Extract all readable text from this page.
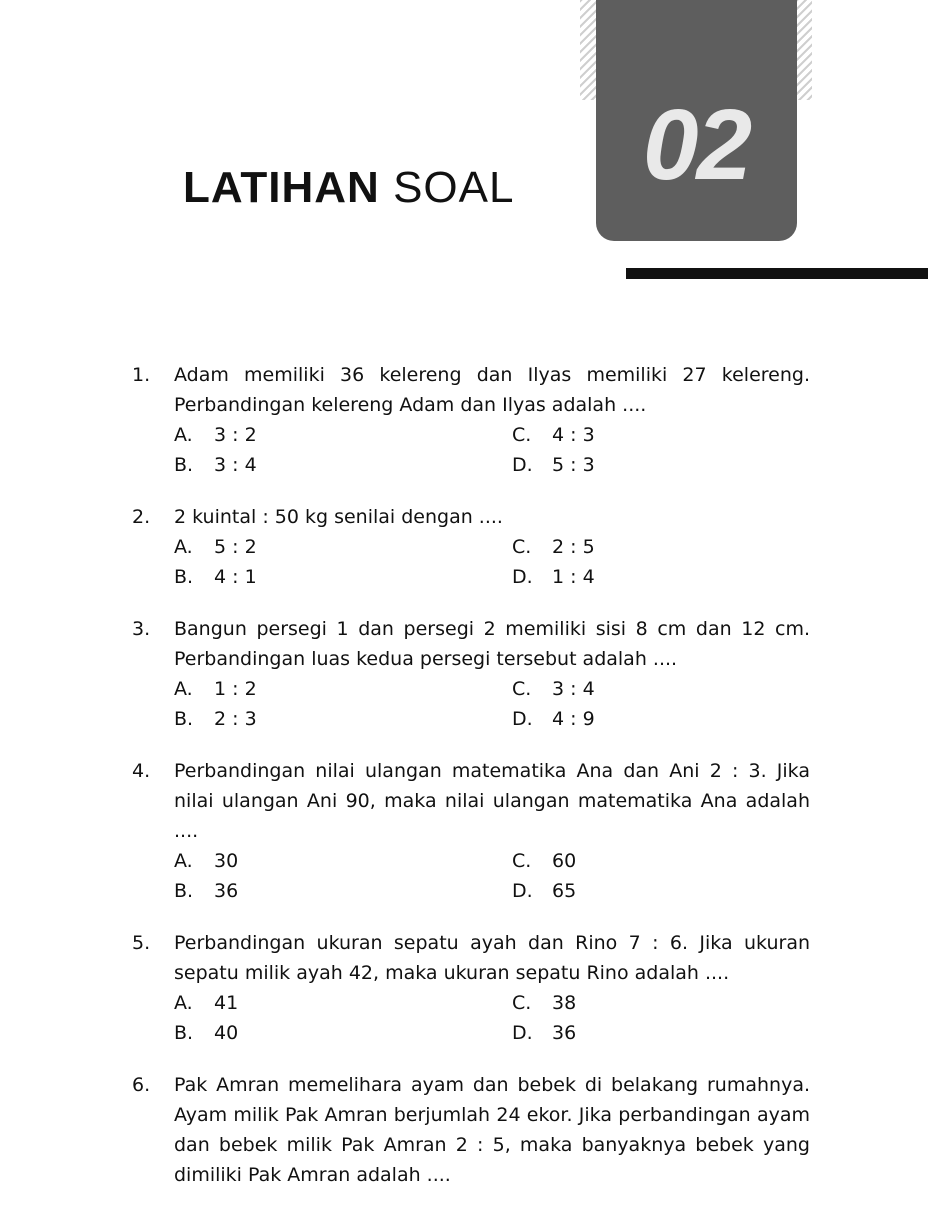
LATIHAN SOAL	02
1.	Adam memiliki 36 kelereng dan Ilyas memiliki 27 kelereng. Perbandingan kelereng Adam dan Ilyas adalah ....
A.	3 : 2	C.	4 : 3
B.	3 : 4	D.	5 : 3
2.	2 kuintal : 50 kg senilai dengan ....
A.	5 : 2	C.	2 : 5
B.	4 : 1	D.	1 : 4
3.	Bangun persegi 1 dan persegi 2 memiliki sisi 8 cm dan 12 cm. Perbandingan luas kedua persegi tersebut adalah ....
A.	1 : 2	C.	3 : 4
B.	2 : 3	D.	4 : 9
4.	Perbandingan nilai ulangan matematika Ana dan Ani 2 : 3. Jika nilai ulangan Ani 90, maka nilai ulangan matematika Ana adalah ....
A.	30	C.	60
B.	36	D.	65
5.	Perbandingan ukuran sepatu ayah dan Rino 7 : 6. Jika ukuran sepatu milik ayah 42, maka ukuran sepatu Rino adalah ....
A.	41	C.	38
B.	40	D.	36
6.	Pak Amran memelihara ayam dan bebek di belakang rumahnya. Ayam milik Pak Amran berjumlah 24 ekor. Jika perbandingan ayam dan bebek milik Pak Amran 2 : 5, maka banyaknya bebek yang dimiliki Pak Amran adalah ....
